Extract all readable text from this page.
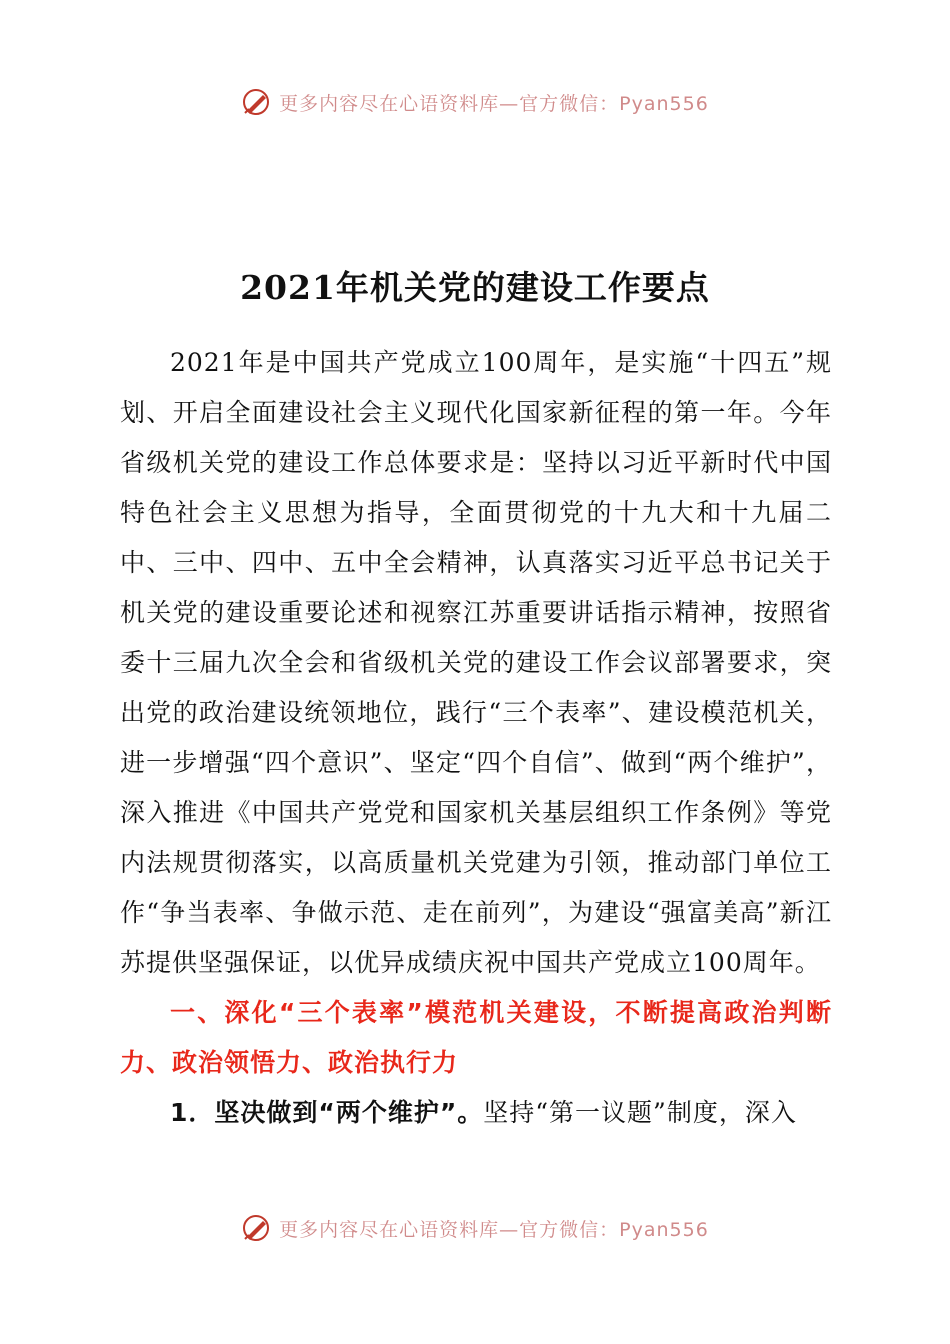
更多内容尽在心语资料库—官方微信：Pyan556
2021年机关党的建设工作要点

2021年是中国共产党成立100周年，是实施“十四五”规划、开启全面建设社会主义现代化国家新征程的第一年。今年省级机关党的建设工作总体要求是：坚持以习近平新时代中国特色社会主义思想为指导，全面贯彻党的十九大和十九届二中、三中、四中、五中全会精神，认真落实习近平总书记关于机关党的建设重要论述和视察江苏重要讲话指示精神，按照省委十三届九次全会和省级机关党的建设工作会议部署要求，突出党的政治建设统领地位，践行“三个表率”、建设模范机关，进一步增强“四个意识”、坚定“四个自信”、做到“两个维护”，深入推进《中国共产党党和国家机关基层组织工作条例》等党内法规贯彻落实，以高质量机关党建为引领，推动部门单位工作“争当表率、争做示范、走在前列”，为建设“强富美高”新江苏提供坚强保证，以优异成绩庆祝中国共产党成立100周年。

一、深化“三个表率”模范机关建设，不断提高政治判断力、政治领悟力、政治执行力

1．坚决做到“两个维护”。坚持“第一议题”制度，深入

更多内容尽在心语资料库—官方微信：Pyan556
